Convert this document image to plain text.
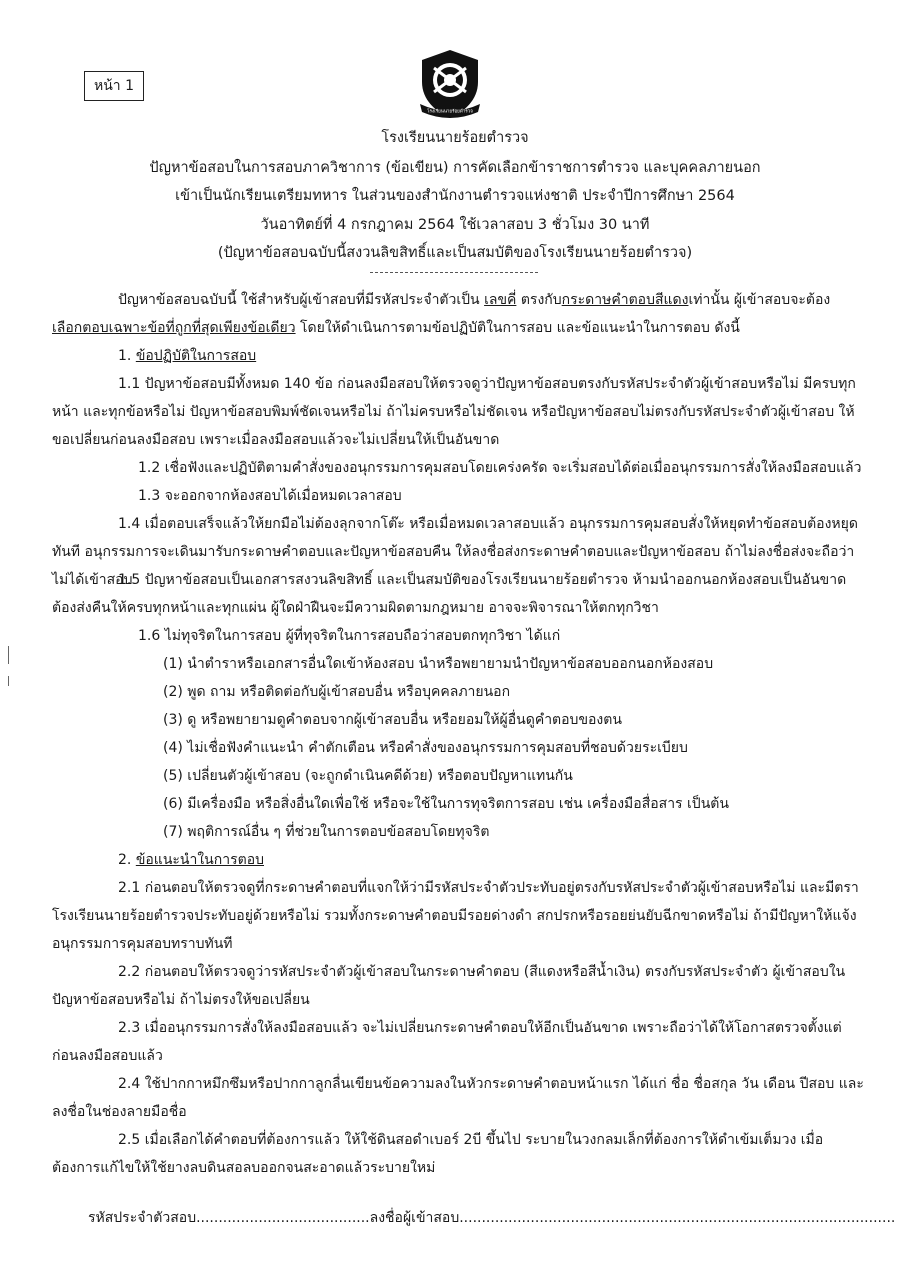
หน้า 1
โรงเรียนนายร้อยตำรวจ
โรงเรียนนายร้อยตำรวจ
ปัญหาข้อสอบในการสอบภาควิชาการ (ข้อเขียน) การคัดเลือกข้าราชการตำรวจ และบุคคลภายนอก
เข้าเป็นนักเรียนเตรียมทหาร ในส่วนของสำนักงานตำรวจแห่งชาติ ประจำปีการศึกษา 2564
วันอาทิตย์ที่ 4 กรกฎาคม 2564 ใช้เวลาสอบ 3 ชั่วโมง 30 นาที
(ปัญหาข้อสอบฉบับนี้สงวนลิขสิทธิ์และเป็นสมบัติของโรงเรียนนายร้อยตำรวจ)
ปัญหาข้อสอบฉบับนี้ ใช้สำหรับผู้เข้าสอบที่มีรหัสประจำตัวเป็น เลขคี่ ตรงกับกระดาษคำตอบสีแดงเท่านั้น ผู้เข้าสอบจะต้อง เลือกตอบเฉพาะข้อที่ถูกที่สุดเพียงข้อเดียว โดยให้ดำเนินการตามข้อปฏิบัติในการสอบ และข้อแนะนำในการตอบ ดังนี้
1. ข้อปฏิบัติในการสอบ
1.1 ปัญหาข้อสอบมีทั้งหมด 140 ข้อ ก่อนลงมือสอบให้ตรวจดูว่าปัญหาข้อสอบตรงกับรหัสประจำตัวผู้เข้าสอบหรือไม่ มีครบทุกหน้า และทุกข้อหรือไม่ ปัญหาข้อสอบพิมพ์ชัดเจนหรือไม่ ถ้าไม่ครบหรือไม่ชัดเจน หรือปัญหาข้อสอบไม่ตรงกับรหัสประจำตัวผู้เข้าสอบ ให้ขอเปลี่ยนก่อนลงมือสอบ เพราะเมื่อลงมือสอบแล้วจะไม่เปลี่ยนให้เป็นอันขาด
1.2 เชื่อฟังและปฏิบัติตามคำสั่งของอนุกรรมการคุมสอบโดยเคร่งครัด จะเริ่มสอบได้ต่อเมื่ออนุกรรมการสั่งให้ลงมือสอบแล้ว
1.3 จะออกจากห้องสอบได้เมื่อหมดเวลาสอบ
1.4 เมื่อตอบเสร็จแล้วให้ยกมือไม่ต้องลุกจากโต๊ะ หรือเมื่อหมดเวลาสอบแล้ว อนุกรรมการคุมสอบสั่งให้หยุดทำข้อสอบต้องหยุดทันที อนุกรรมการจะเดินมารับกระดาษคำตอบและปัญหาข้อสอบคืน ให้ลงชื่อส่งกระดาษคำตอบและปัญหาข้อสอบ ถ้าไม่ลงชื่อส่งจะถือว่าไม่ได้เข้าสอบ
1.5 ปัญหาข้อสอบเป็นเอกสารสงวนลิขสิทธิ์ และเป็นสมบัติของโรงเรียนนายร้อยตำรวจ ห้ามนำออกนอกห้องสอบเป็นอันขาด ต้องส่งคืนให้ครบทุกหน้าและทุกแผ่น ผู้ใดฝ่าฝืนจะมีความผิดตามกฎหมาย อาจจะพิจารณาให้ตกทุกวิชา
1.6 ไม่ทุจริตในการสอบ ผู้ที่ทุจริตในการสอบถือว่าสอบตกทุกวิชา ได้แก่
(1) นำตำราหรือเอกสารอื่นใดเข้าห้องสอบ นำหรือพยายามนำปัญหาข้อสอบออกนอกห้องสอบ
(2) พูด ถาม หรือติดต่อกับผู้เข้าสอบอื่น หรือบุคคลภายนอก
(3) ดู หรือพยายามดูคำตอบจากผู้เข้าสอบอื่น หรือยอมให้ผู้อื่นดูคำตอบของตน
(4) ไม่เชื่อฟังคำแนะนำ คำตักเตือน หรือคำสั่งของอนุกรรมการคุมสอบที่ชอบด้วยระเบียบ
(5) เปลี่ยนตัวผู้เข้าสอบ (จะถูกดำเนินคดีด้วย) หรือตอบปัญหาแทนกัน
(6) มีเครื่องมือ หรือสิ่งอื่นใดเพื่อใช้ หรือจะใช้ในการทุจริตการสอบ เช่น เครื่องมือสื่อสาร เป็นต้น
(7) พฤติการณ์อื่น ๆ ที่ช่วยในการตอบข้อสอบโดยทุจริต
2. ข้อแนะนำในการตอบ
2.1 ก่อนตอบให้ตรวจดูที่กระดาษคำตอบที่แจกให้ว่ามีรหัสประจำตัวประทับอยู่ตรงกับรหัสประจำตัวผู้เข้าสอบหรือไม่ และมีตราโรงเรียนนายร้อยตำรวจประทับอยู่ด้วยหรือไม่ รวมทั้งกระดาษคำตอบมีรอยด่างดำ สกปรกหรือรอยย่นยับฉีกขาดหรือไม่ ถ้ามีปัญหาให้แจ้งอนุกรรมการคุมสอบทราบทันที
2.2 ก่อนตอบให้ตรวจดูว่ารหัสประจำตัวผู้เข้าสอบในกระดาษคำตอบ (สีแดงหรือสีน้ำเงิน) ตรงกับรหัสประจำตัว ผู้เข้าสอบในปัญหาข้อสอบหรือไม่ ถ้าไม่ตรงให้ขอเปลี่ยน
2.3 เมื่ออนุกรรมการสั่งให้ลงมือสอบแล้ว จะไม่เปลี่ยนกระดาษคำตอบให้อีกเป็นอันขาด เพราะถือว่าได้ให้โอกาสตรวจตั้งแต่ก่อนลงมือสอบแล้ว
2.4 ใช้ปากกาหมึกซึมหรือปากกาลูกลื่นเขียนข้อความลงในหัวกระดาษคำตอบหน้าแรก ได้แก่ ชื่อ ชื่อสกุล วัน เดือน ปีสอบ และลงชื่อในช่องลายมือชื่อ
2.5 เมื่อเลือกได้คำตอบที่ต้องการแล้ว ให้ใช้ดินสอดำเบอร์ 2บี ขึ้นไป ระบายในวงกลมเล็กที่ต้องการให้ดำเข้มเต็มวง เมื่อต้องการแก้ไขให้ใช้ยางลบดินสอลบออกจนสะอาดแล้วระบายใหม่
รหัสประจำตัวสอบ.......................................ลงชื่อผู้เข้าสอบ..................................................................................................
